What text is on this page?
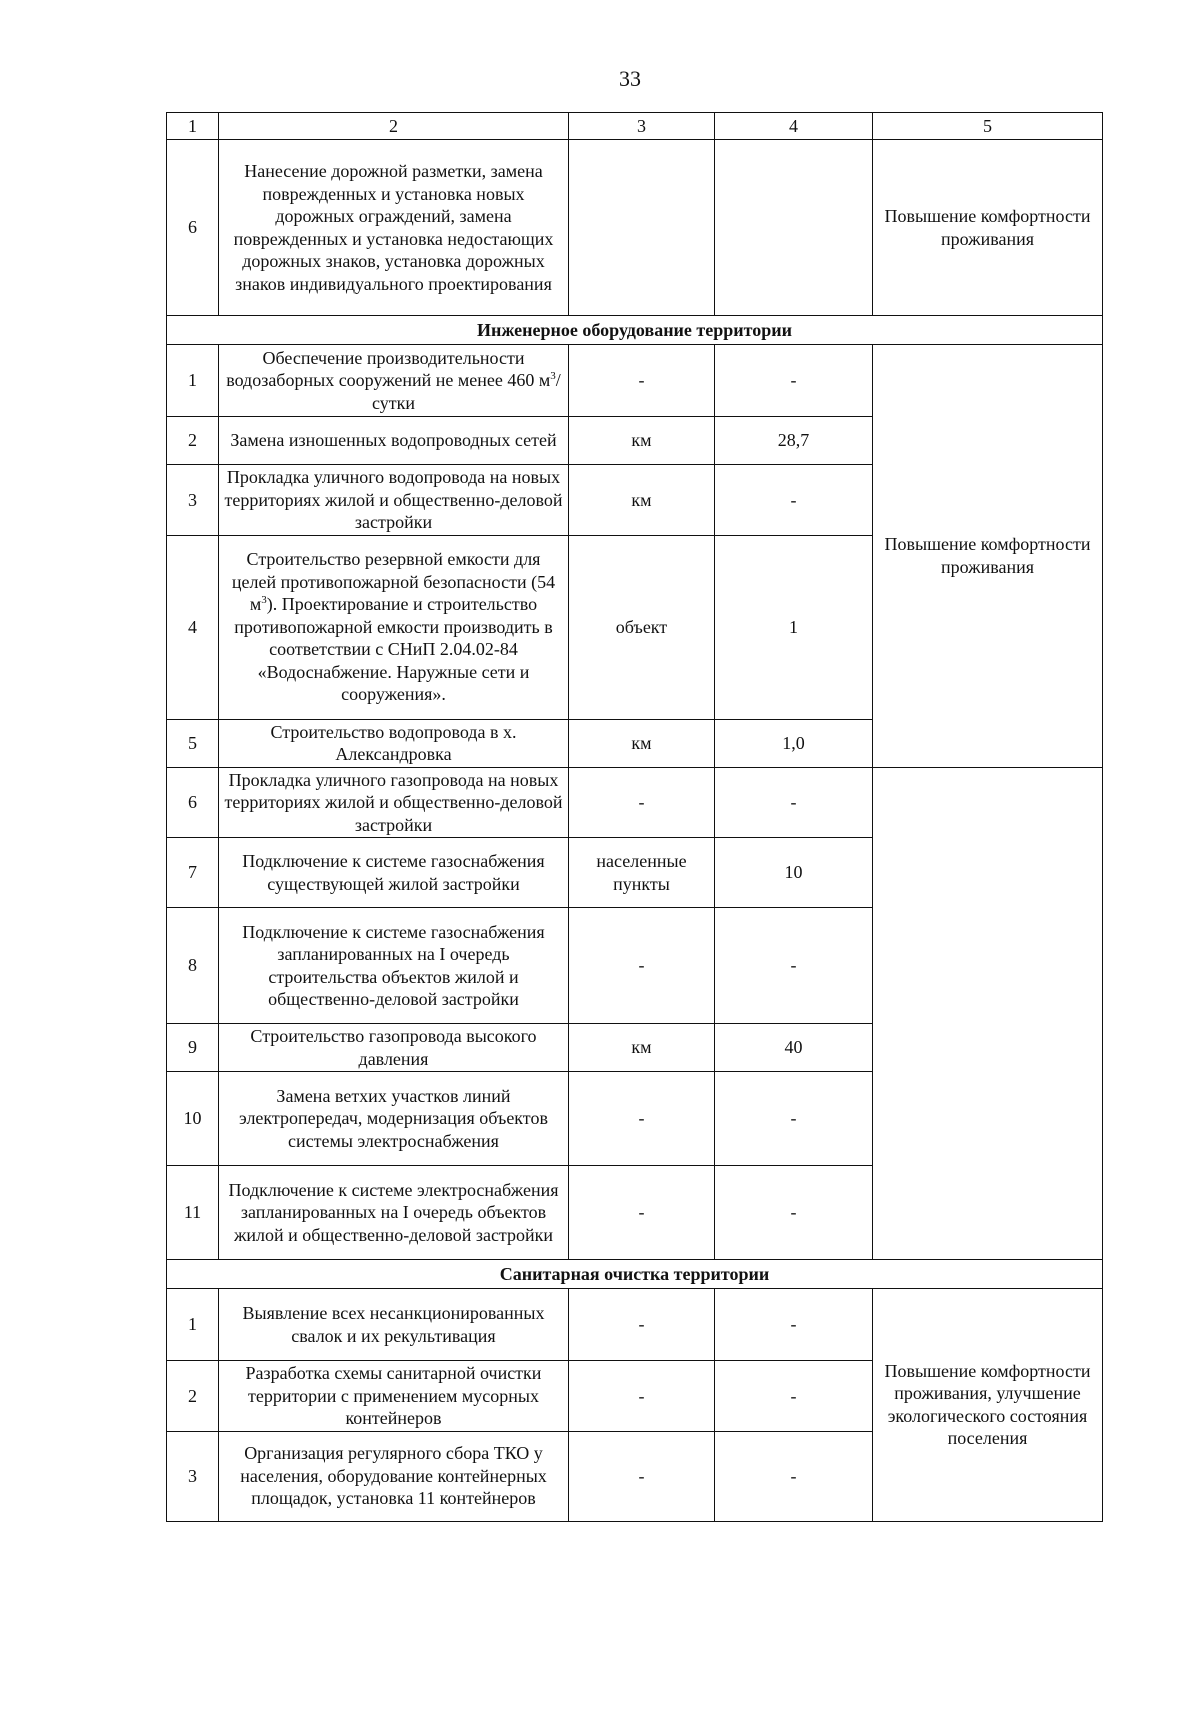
33
1	2	3	4	5
6	Нанесение дорожной разметки, замена поврежденных и установка новых дорожных ограждений, замена поврежденных и установка недостающих дорожных знаков, установка дорожных знаков индивидуального проектирования			Повышение комфортности проживания
Инженерное оборудование территории				
1	Обеспечение производительности водозаборных сооружений не менее 460 $м^3$/сутки	-	-	Повышение комфортности проживания
2	Замена изношенных водопроводных сетей	км	28,7	
3	Прокладка уличного водопровода на новых территориях жилой и общественно-деловой застройки	км	-	
4	Строительство резервной емкости для целей противопожарной безопасности (54 $м^3$). Проектирование и строительство противопожарной емкости производить в соответствии с СНиП 2.04.02-84 «Водоснабжение. Наружные сети и сооружения».	объект	1	
5	Строительство водопровода в х. Александровка	км	1,0	
6	Прокладка уличного газопровода на новых территориях жилой и общественно-деловой застройки	-	-	
7	Подключение к системе газоснабжения существующей жилой застройки	населенные пункты	10	
8	Подключение к системе газоснабжения запланированных на I очередь строительства объектов жилой и общественно-деловой застройки	-	-	
9	Строительство газопровода высокого давления	км	40	
10	Замена ветхих участков линий электропередач, модернизация объектов системы электроснабжения	-	-	
11	Подключение к системе электроснабжения запланированных на I очередь объектов жилой и общественно-деловой застройки	-	-	
Санитарная очистка территории				
1	Выявление всех несанкционированных свалок и их рекультивация	-	-	Повышение комфортности проживания, улучшение экологического состояния поселения
2	Разработка схемы санитарной очистки территории с применением мусорных контейнеров	-	-	
3	Организация регулярного сбора ТКО у населения, оборудование контейнерных площадок, установка 11 контейнеров	-	-	
